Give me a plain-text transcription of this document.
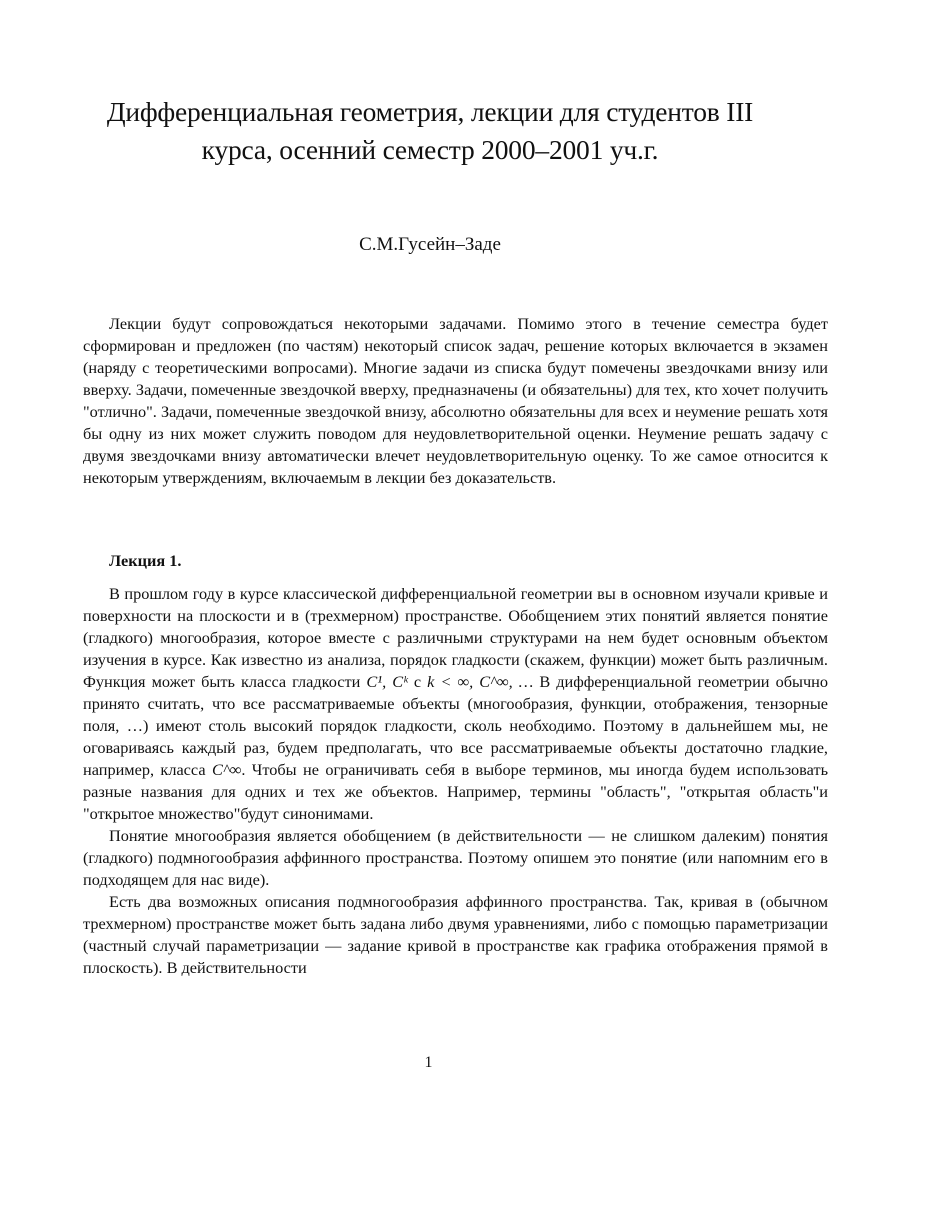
Дифференциальная геометрия, лекции для студентов III курса, осенний семестр 2000–2001 уч.г.
С.М.Гусейн–Заде

Лекции будут сопровождаться некоторыми задачами. Помимо этого в течение семестра будет сформирован и предложен (по частям) некоторый список задач, решение которых включается в экзамен (наряду с теоретическими вопросами). Многие задачи из списка будут помечены звездочками внизу или вверху. Задачи, помеченные звездочкой вверху, предназначены (и обязательны) для тех, кто хочет получить "отлично". Задачи, помеченные звездочкой внизу, абсолютно обязательны для всех и неумение решать хотя бы одну из них может служить поводом для неудовлетворительной оценки. Неумение решать задачу с двумя звездочками внизу автоматически влечет неудовлетворительную оценку. То же самое относится к некоторым утверждениям, включаемым в лекции без доказательств.

Лекция 1.

В прошлом году в курсе классической дифференциальной геометрии вы в основном изучали кривые и поверхности на плоскости и в (трехмерном) пространстве. Обобщением этих понятий является понятие (гладкого) многообразия, которое вместе с различными структурами на нем будет основным объектом изучения в курсе. Как известно из анализа, порядок гладкости (скажем, функции) может быть различным. Функция может быть класса гладкости C¹, Cᵏ с k < ∞, C^∞, … В дифференциальной геометрии обычно принято считать, что все рассматриваемые объекты (многообразия, функции, отображения, тензорные поля, …) имеют столь высокий порядок гладкости, сколь необходимо. Поэтому в дальнейшем мы, не оговариваясь каждый раз, будем предполагать, что все рассматриваемые объекты достаточно гладкие, например, класса C^∞. Чтобы не ограничивать себя в выборе терминов, мы иногда будем использовать разные названия для одних и тех же объектов. Например, термины "область", "открытая область"и "открытое множество"будут синонимами.

Понятие многообразия является обобщением (в действительности — не слишком далеким) понятия (гладкого) подмногообразия аффинного пространства. Поэтому опишем это понятие (или напомним его в подходящем для нас виде).

Есть два возможных описания подмногообразия аффинного пространства. Так, кривая в (обычном трехмерном) пространстве может быть задана либо двумя уравнениями, либо с помощью параметризации (частный случай параметризации — задание кривой в пространстве как графика отображения прямой в плоскость). В действительности

1
